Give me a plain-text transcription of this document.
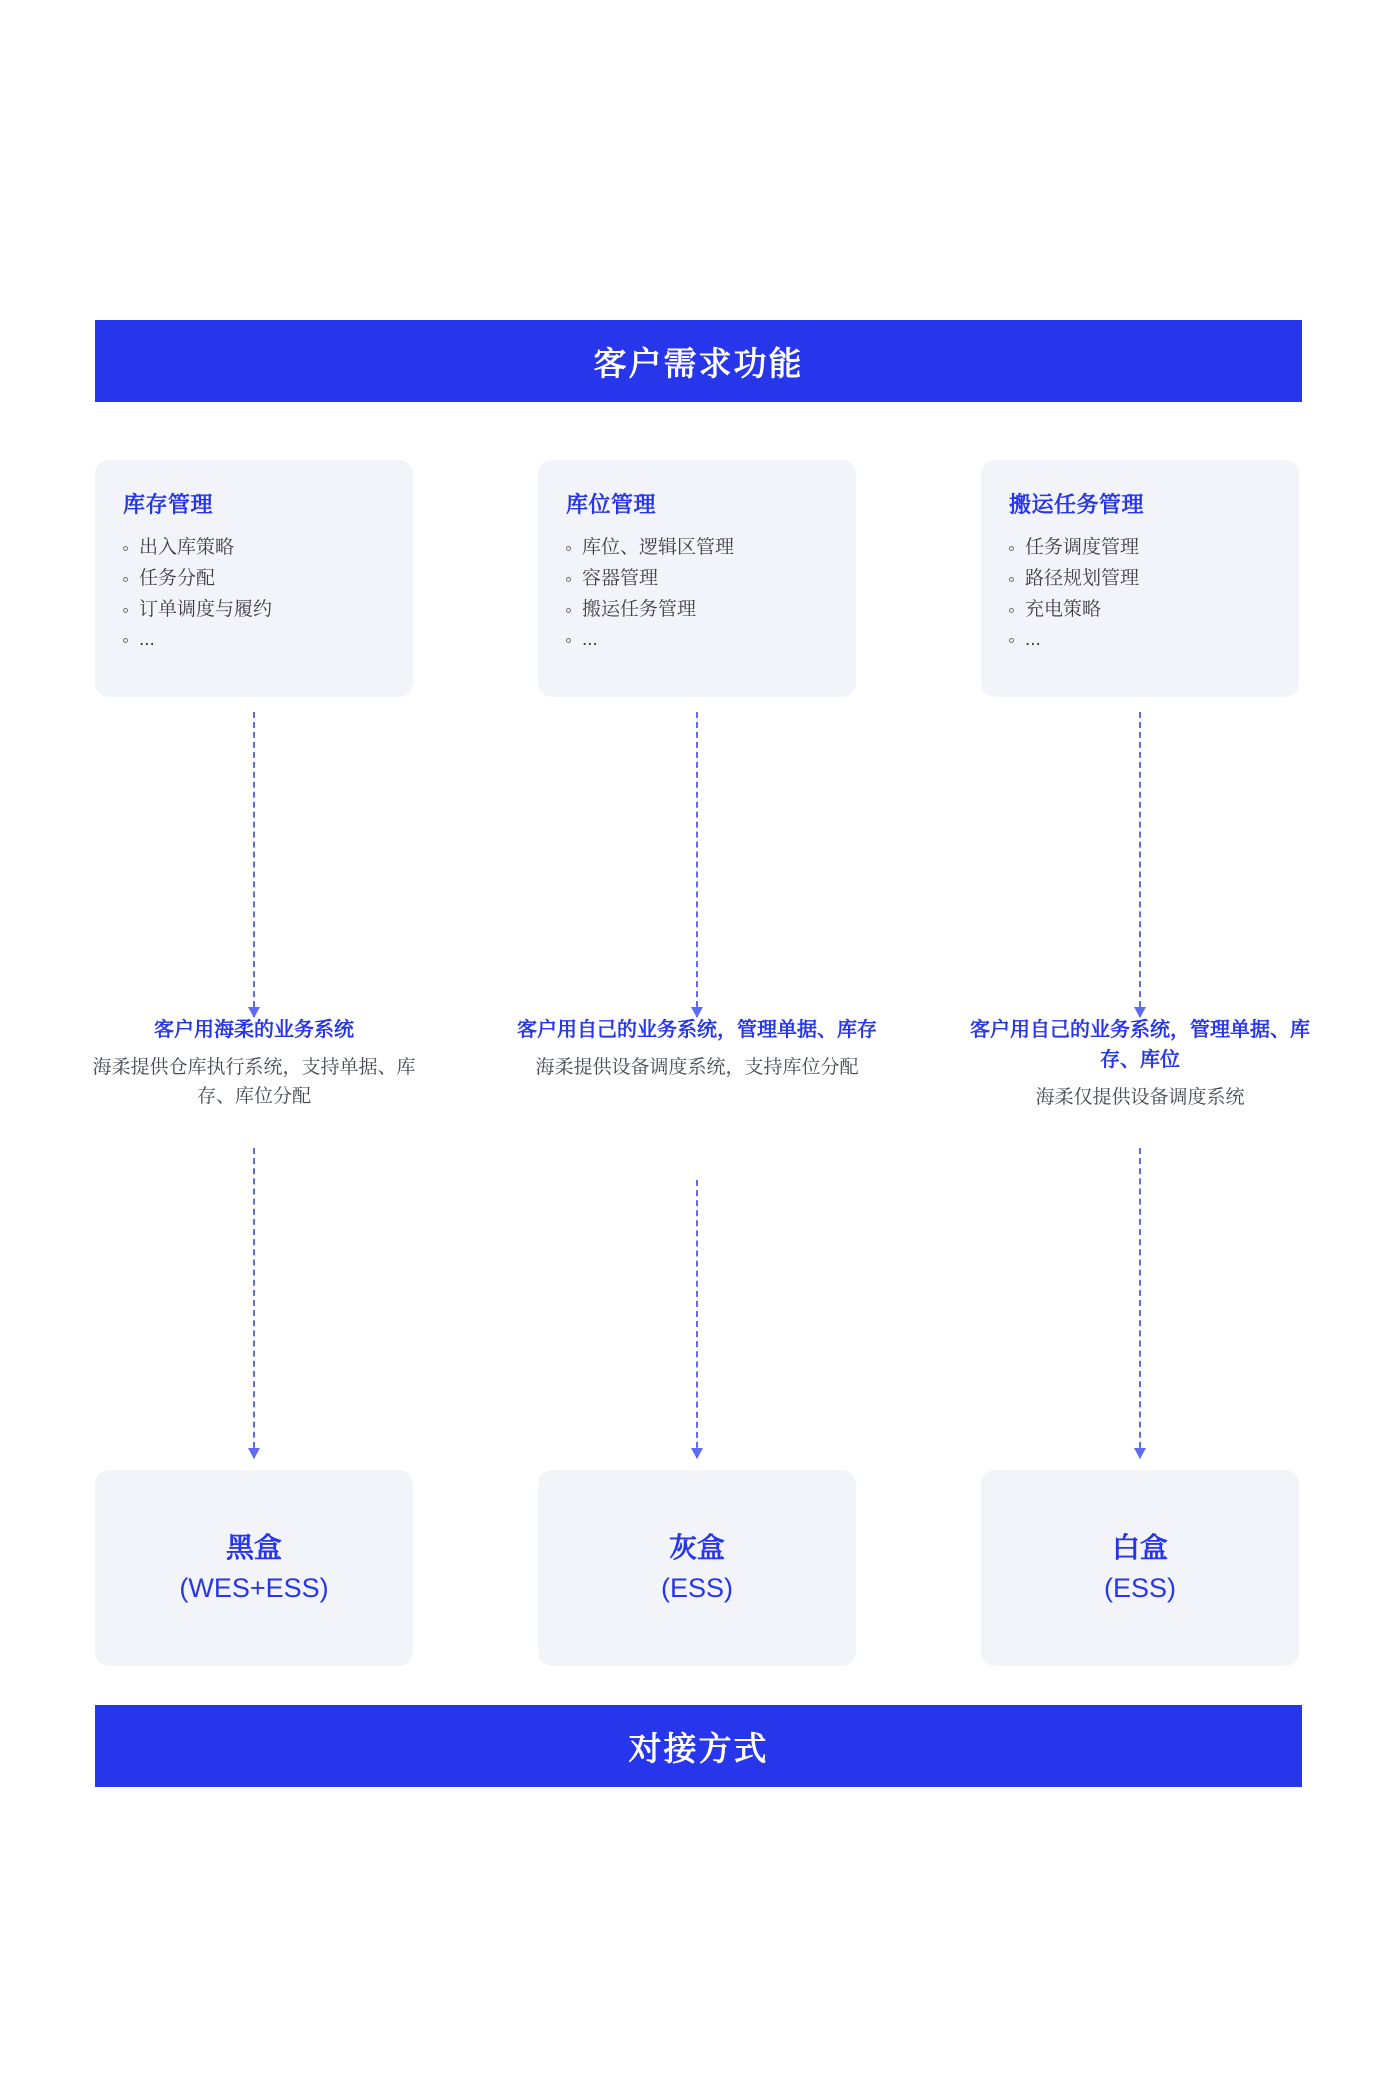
客户需求功能
库存管理
出入库策略
任务分配
订单调度与履约
...
客户用海柔的业务系统
海柔提供仓库执行系统，支持单据、库存、库位分配
黑盒
(WES+ESS)
库位管理
库位、逻辑区管理
容器管理
搬运任务管理
...
客户用自己的业务系统，管理单据、库存
海柔提供设备调度系统，支持库位分配
灰盒
(ESS)
搬运任务管理
任务调度管理
路径规划管理
充电策略
...
客户用自己的业务系统，管理单据、库存、库位
海柔仅提供设备调度系统
白盒
(ESS)
对接方式
